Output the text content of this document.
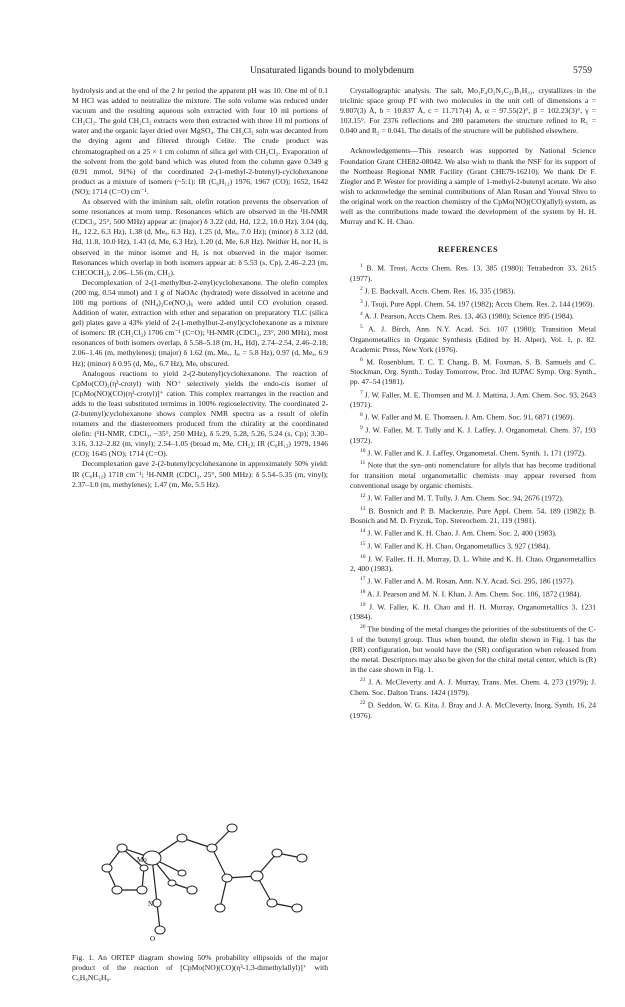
Unsaturated ligands bound to molybdenum	5759

hydrolysis and at the end of the 2 hr period the apparent pH was 10. One ml of 0.1 M HCl was added to neutralize the mixture. The soln volume was reduced under vacuum and the resulting aqueous soln extracted with four 10 ml portions of CH₂Cl₂. The gold CH₂Cl₂ extracts were then extracted with three 10 ml portions of water and the organic layer dried over MgSO₄. The CH₂Cl₂ soln was decanted from the drying agent and filtered through Celite. The crude product was chromatographed on a 25 × 1 cm column of silica gel with CH₂Cl₂. Evaporation of the solvent from the gold band which was eluted from the column gave 0.349 g (0.91 mmol, 91%) of the coordinated 2-(1-methyl-2-butenyl)-cyclohexanone product as a mixture of isomers (~5:1): IR (C₆H₁₂) 1976, 1967 (CO); 1652, 1642 (NO); 1714 (C=O) cm⁻¹.

As observed with the iminium salt, olefin rotation prevents the observation of some resonances at room temp. Resonances which are observed in the ¹H-NMR (CDCl₃, 25°, 500 MHz) appear at: (major) δ 3.22 (dd, Hd, 12.2, 10.0 Hz), 3.04 (dq, Hₐ, 12.2, 6.3 Hz), 1.38 (d, Meₐ, 6.3 Hz), 1.25 (d, Meₑ, 7.0 Hz); (minor) δ 3.12 (dd, Hd, 11.8, 10.0 Hz), 1.43 (d, Me, 6.3 Hz), 1.20 (d, Me, 6.8 Hz). Neither Hₐ nor Hₑ is observed in the minor isomer and Hₑ is not observed in the major isomer. Resonances which overlap in both isomers appear at: δ 5.53 (s, Cp), 2.46–2.23 (m, CHCOCH₂), 2.06–1.56 (m, CH₂).

Decomplexation of 2-(1-methylbut-2-enyl)cyclohexanone. The olefin complex (200 mg, 0.54 mmol) and 1 g of NaOAc (hydrated) were dissolved in acetone and 100 mg portions of (NH₄)₂Ce(NO₃)₆ were added until CO evolution ceased. Addition of water, extraction with ether and separation on preparatory TLC (silica gel) plates gave a 43% yield of 2-(1-methylbut-2-enyl)cyclohexanone as a mixture of isomers: IR (CH₂Cl₂) 1706 cm⁻¹ (C=O); ¹H-NMR (CDCl₃, 23°, 200 MHz), most resonances of both isomers overlap, δ 5.58–5.18 (m, Hₑ, Hd), 2.74–2.54, 2.46–2.18, 2.06–1.46 (m, methylenes); (major) δ 1.62 (m, Meₑ, Jₐₑ = 5.8 Hz), 0.97 (d, Meₐ, 6.9 Hz); (minor) δ 0.95 (d, Meₐ, 6.7 Hz), Meₑ obscured.

Analogous reactions to yield 2-(2-butenyl)cyclohexanone. The reaction of CpMo(CO)₂(η³-crotyl) with NO⁺ selectively yields the endo-cis isomer of [CpMo(NO)(CO)(η³-crotyl)]⁺ cation. This complex rearranges in the reaction and adds to the least substituted terminus in 100% regioselectivity. The coordinated 2-(2-butenyl)cyclohexanone shows complex NMR spectra as a result of olefin rotamers and the diastereomers produced from the chirality at the coordinated olefin: (¹H-NMR, CDCl₃, −35°, 250 MHz), δ 5.29, 5.28, 5.26, 5.24 (s, Cp); 3.30–3.16, 3.12–2.82 (m, vinyl); 2.54–1.05 (broad m, Me, CH₂); IR (C₆H₁₂) 1979, 1946 (CO); 1645 (NO); 1714 (C=O).

Decomplexation gave 2-(2-butenyl)cyclohexanone in approximately 50% yield: IR (C₆H₁₂) 1718 cm⁻¹; ¹H-NMR (CDCl₃, 25°, 500 MHz): δ 5.54–5.35 (m, vinyl); 2.37–1.0 (m, methylenes); 1.47 (m, Me, 5.5 Hz).

Mo
N
O
Fig. 1. An ORTEP diagram showing 50% probability ellipsoids of the major product of the reaction of [CpMo(NO)(CO)(η³-1,3-dimethylallyl)]⁺ with C₆H₈NC₆H₉.

Crystallographic analysis. The salt, Mo₁F₄O₂N₂C₂₁B₁H₃₁, crystallizes in the triclinic space group P1̄ with two molecules in the unit cell of dimensions a = 9.807(3) Å, b = 10.837 Å, c = 11.717(4) Å, α = 97.55(2)°, β = 102.23(3)°, γ = 103.15°. For 2376 reflections and 280 parameters the structure refined to R₁ = 0.040 and R₂ = 0.041. The details of the structure will be published elsewhere.

Acknowledgements—This research was supported by National Science Foundation Grant CHE82-08042. We also wish to thank the NSF for its support of the Northeast Regional NMR Facility (Grant CHE79-16210). We thank Dr F. Ziegler and P. Wester for providing a sample of 1-methyl-2-butenyl acetate. We also wish to acknowledge the seminal contributions of Alan Rosan and Youval Shvo to the original work on the reaction chemistry of the CpMo(NO)(CO)(allyl) system, as well as the contributions made toward the development of the system by H. H. Murray and K. H. Chao.

REFERENCES

$^1$ B. M. Trost, Accts Chem. Res. 13, 385 (1980); Tetrahedron 33, 2615 (1977).

$^2$ J. E. Backvall, Accts. Chem. Res. 16, 335 (1983).

$^3$ J. Tsuji, Pure Appl. Chem. 54, 197 (1982); Accts Chem. Res. 2, 144 (1969).

$^4$ A. J. Pearson, Accts Chem. Res. 13, 463 (1980); Science 895 (1984).

$^5$ A. J. Birch, Ann. N.Y. Acad. Sci. 107 (1980); Transition Metal Organometallics in Organic Synthesis (Edited by H. Alper), Vol. 1, p. 82. Academic Press, New York (1976).

$^6$ M. Rosenblum, T. C. T. Chang, B. M. Foxman, S. B. Samuels and C. Stockman, Org. Synth.: Today Tomorrow, Proc. 3rd IUPAC Symp. Org. Synth., pp. 47–54 (1981).

$^7$ J. W. Faller, M. E. Thomsen and M. J. Mattina, J. Am. Chem. Soc. 93, 2643 (1971).

$^8$ J. W. Faller and M. E. Thomsen, J. Am. Chem. Soc. 91, 6871 (1969).

$^9$ J. W. Faller, M. T. Tully and K. J. Laffey, J. Organometal. Chem. 37, 193 (1972).

$^{10}$ J. W. Faller and K. J. Laffey, Organometal. Chem. Synth. 1, 171 (1972).

$^{11}$ Note that the syn–anti nomenclature for allyls that has become traditional for transition metal organometallic chemists may appear reversed from conventional usage by organic chemists.

$^{12}$ J. W. Faller and M. T. Tully, J. Am. Chem. Soc. 94, 2676 (1972).

$^{13}$ B. Bosnich and P. B. Mackenzie, Pure Appl. Chem. 54, 189 (1982); B. Bosnich and M. D. Fryzuk, Top. Stereochem. 21, 119 (1981).

$^{14}$ J. W. Faller and K. H. Chao, J. Am. Chem. Soc. 2, 400 (1983).

$^{15}$ J. W. Faller and K. H. Chao, Organometallics 3, 927 (1984).

$^{16}$ J. W. Faller, H. H. Murray, D. L. White and K. H. Chao, Organometallics 2, 400 (1983).

$^{17}$ J. W. Faller and A. M. Rosan, Ann. N.Y. Acad. Sci. 295, 186 (1977).

$^{18}$ A. J. Pearson and M. N. I. Khan, J. Am. Chem. Soc. 106, 1872 (1984).

$^{19}$ J. W. Faller, K. H. Chao and H. H. Murray, Organometallics 3, 1231 (1984).

$^{20}$ The binding of the metal changes the priorities of the substituents of the C-1 of the butenyl group. Thus when bound, the olefin shown in Fig. 1 has the (RR) configuration, but would have the (SR) configuration when released from the metal. Descriptors may also be given for the chiral metal center, which is (R) in the case shown in Fig. 1.

$^{21}$ J. A. McCleverty and A. J. Murray, Trans. Met. Chem. 4, 273 (1979); J. Chem. Soc. Dalton Trans. 1424 (1979).

$^{22}$ D. Seddon, W. G. Kita, J. Bray and J. A. McCleverty, Inorg. Synth. 16, 24 (1976).
